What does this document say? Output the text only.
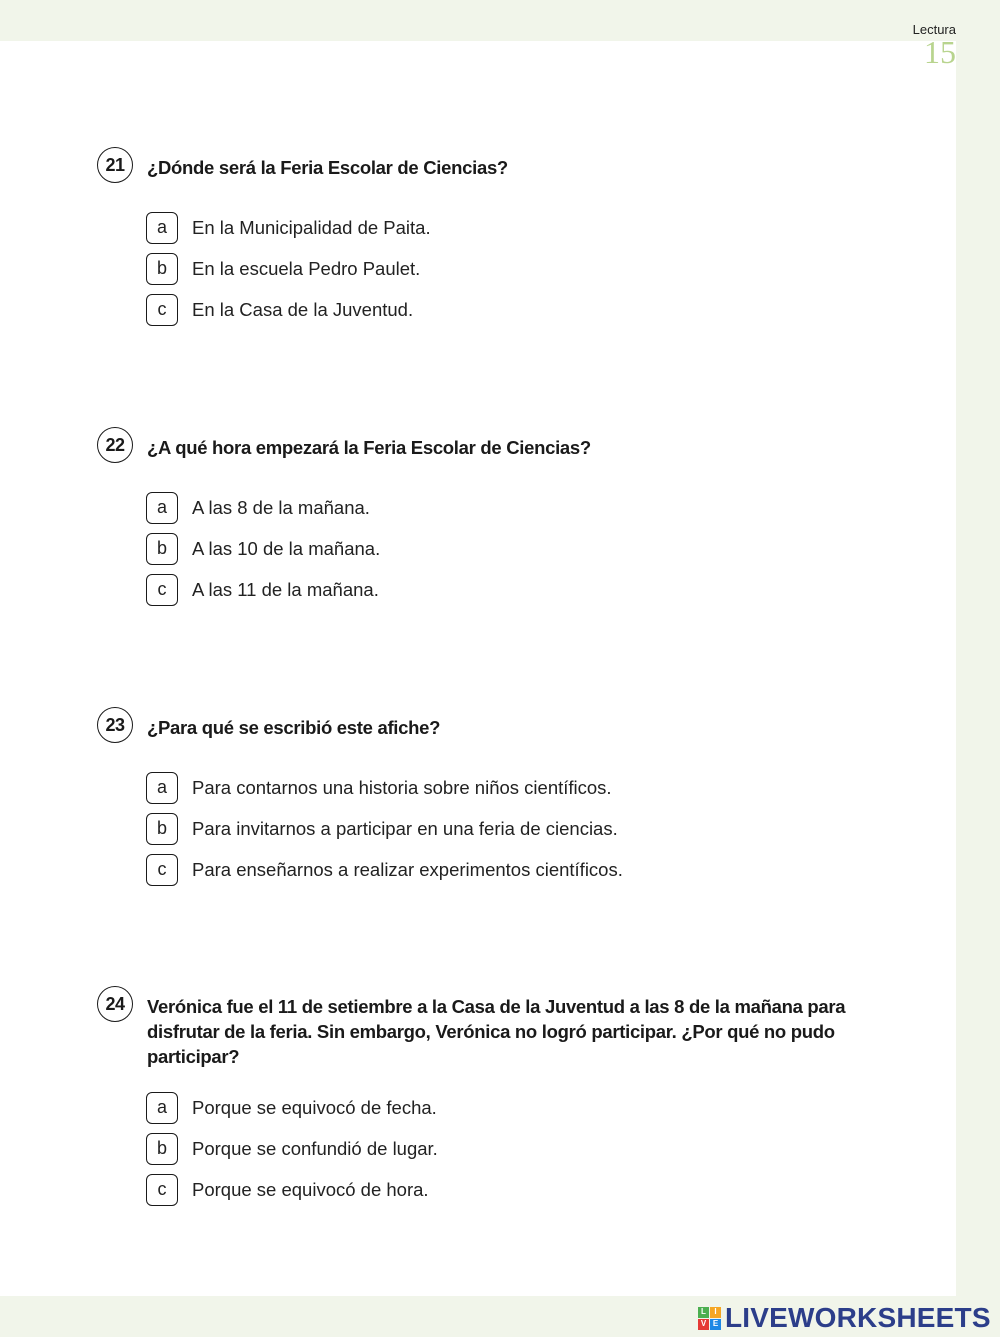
Lectura
15
21	¿Dónde será la Feria Escolar de Ciencias?
a	En la Municipalidad de Paita.
b	En la escuela Pedro Paulet.
c	En la Casa de la Juventud.
22	¿A qué hora empezará la Feria Escolar de Ciencias?
a	A las 8 de la mañana.
b	A las 10 de la mañana.
c	A las 11 de la mañana.
23	¿Para qué se escribió este afiche?
a	Para contarnos una historia sobre niños científicos.
b	Para invitarnos a participar en una feria de ciencias.
c	Para enseñarnos a realizar experimentos científicos.
24	Verónica fue el 11 de setiembre a la Casa de la Juventud a las 8 de la mañana para disfrutar de la feria. Sin embargo, Verónica no logró participar. ¿Por qué no pudo participar?
a	Porque se equivocó de fecha.
b	Porque se confundió de lugar.
c	Porque se equivocó de hora.
L	I
V E LIVEWORKSHEETS
